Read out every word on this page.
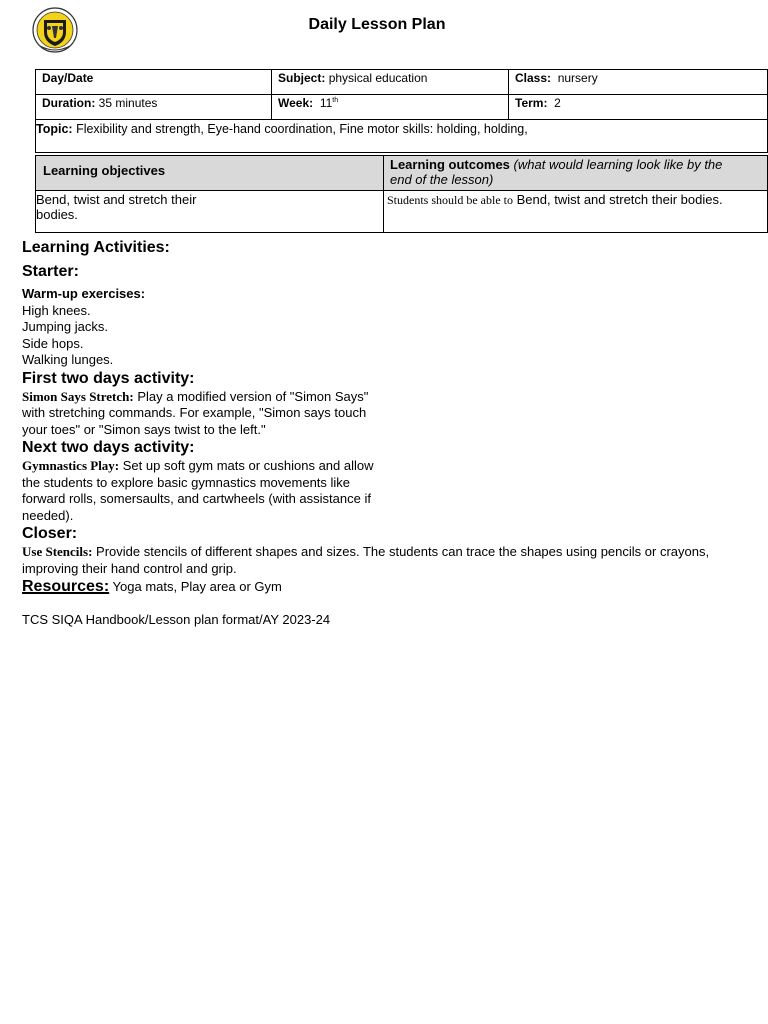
Daily Lesson Plan
Day/Date	Subject: physical education	Class: nursery
Duration: 35 minutes	Week: 11th	Term: 2
Topic: Flexibility and strength, Eye-hand coordination, Fine motor skills: holding, holding,		
Learning objectives	Learning outcomes (what would learning look like by the end of the lesson)
Bend, twist and stretch their bodies.	Students should be able to Bend, twist and stretch their bodies.
Learning Activities:
Starter:
Warm-up exercises:
High knees.
Jumping jacks.
Side hops.
Walking lunges.
First two days activity:
Simon Says Stretch: Play a modified version of "Simon Says" with stretching commands. For example, "Simon says touch your toes" or "Simon says twist to the left."
Next two days activity:
Gymnastics Play: Set up soft gym mats or cushions and allow the students to explore basic gymnastics movements like forward rolls, somersaults, and cartwheels (with assistance if needed).
Closer:
Use Stencils: Provide stencils of different shapes and sizes. The students can trace the shapes using pencils or crayons, improving their hand control and grip.
Resources: Yoga mats, Play area or Gym
TCS SIQA Handbook/Lesson plan format/AY 2023-24
